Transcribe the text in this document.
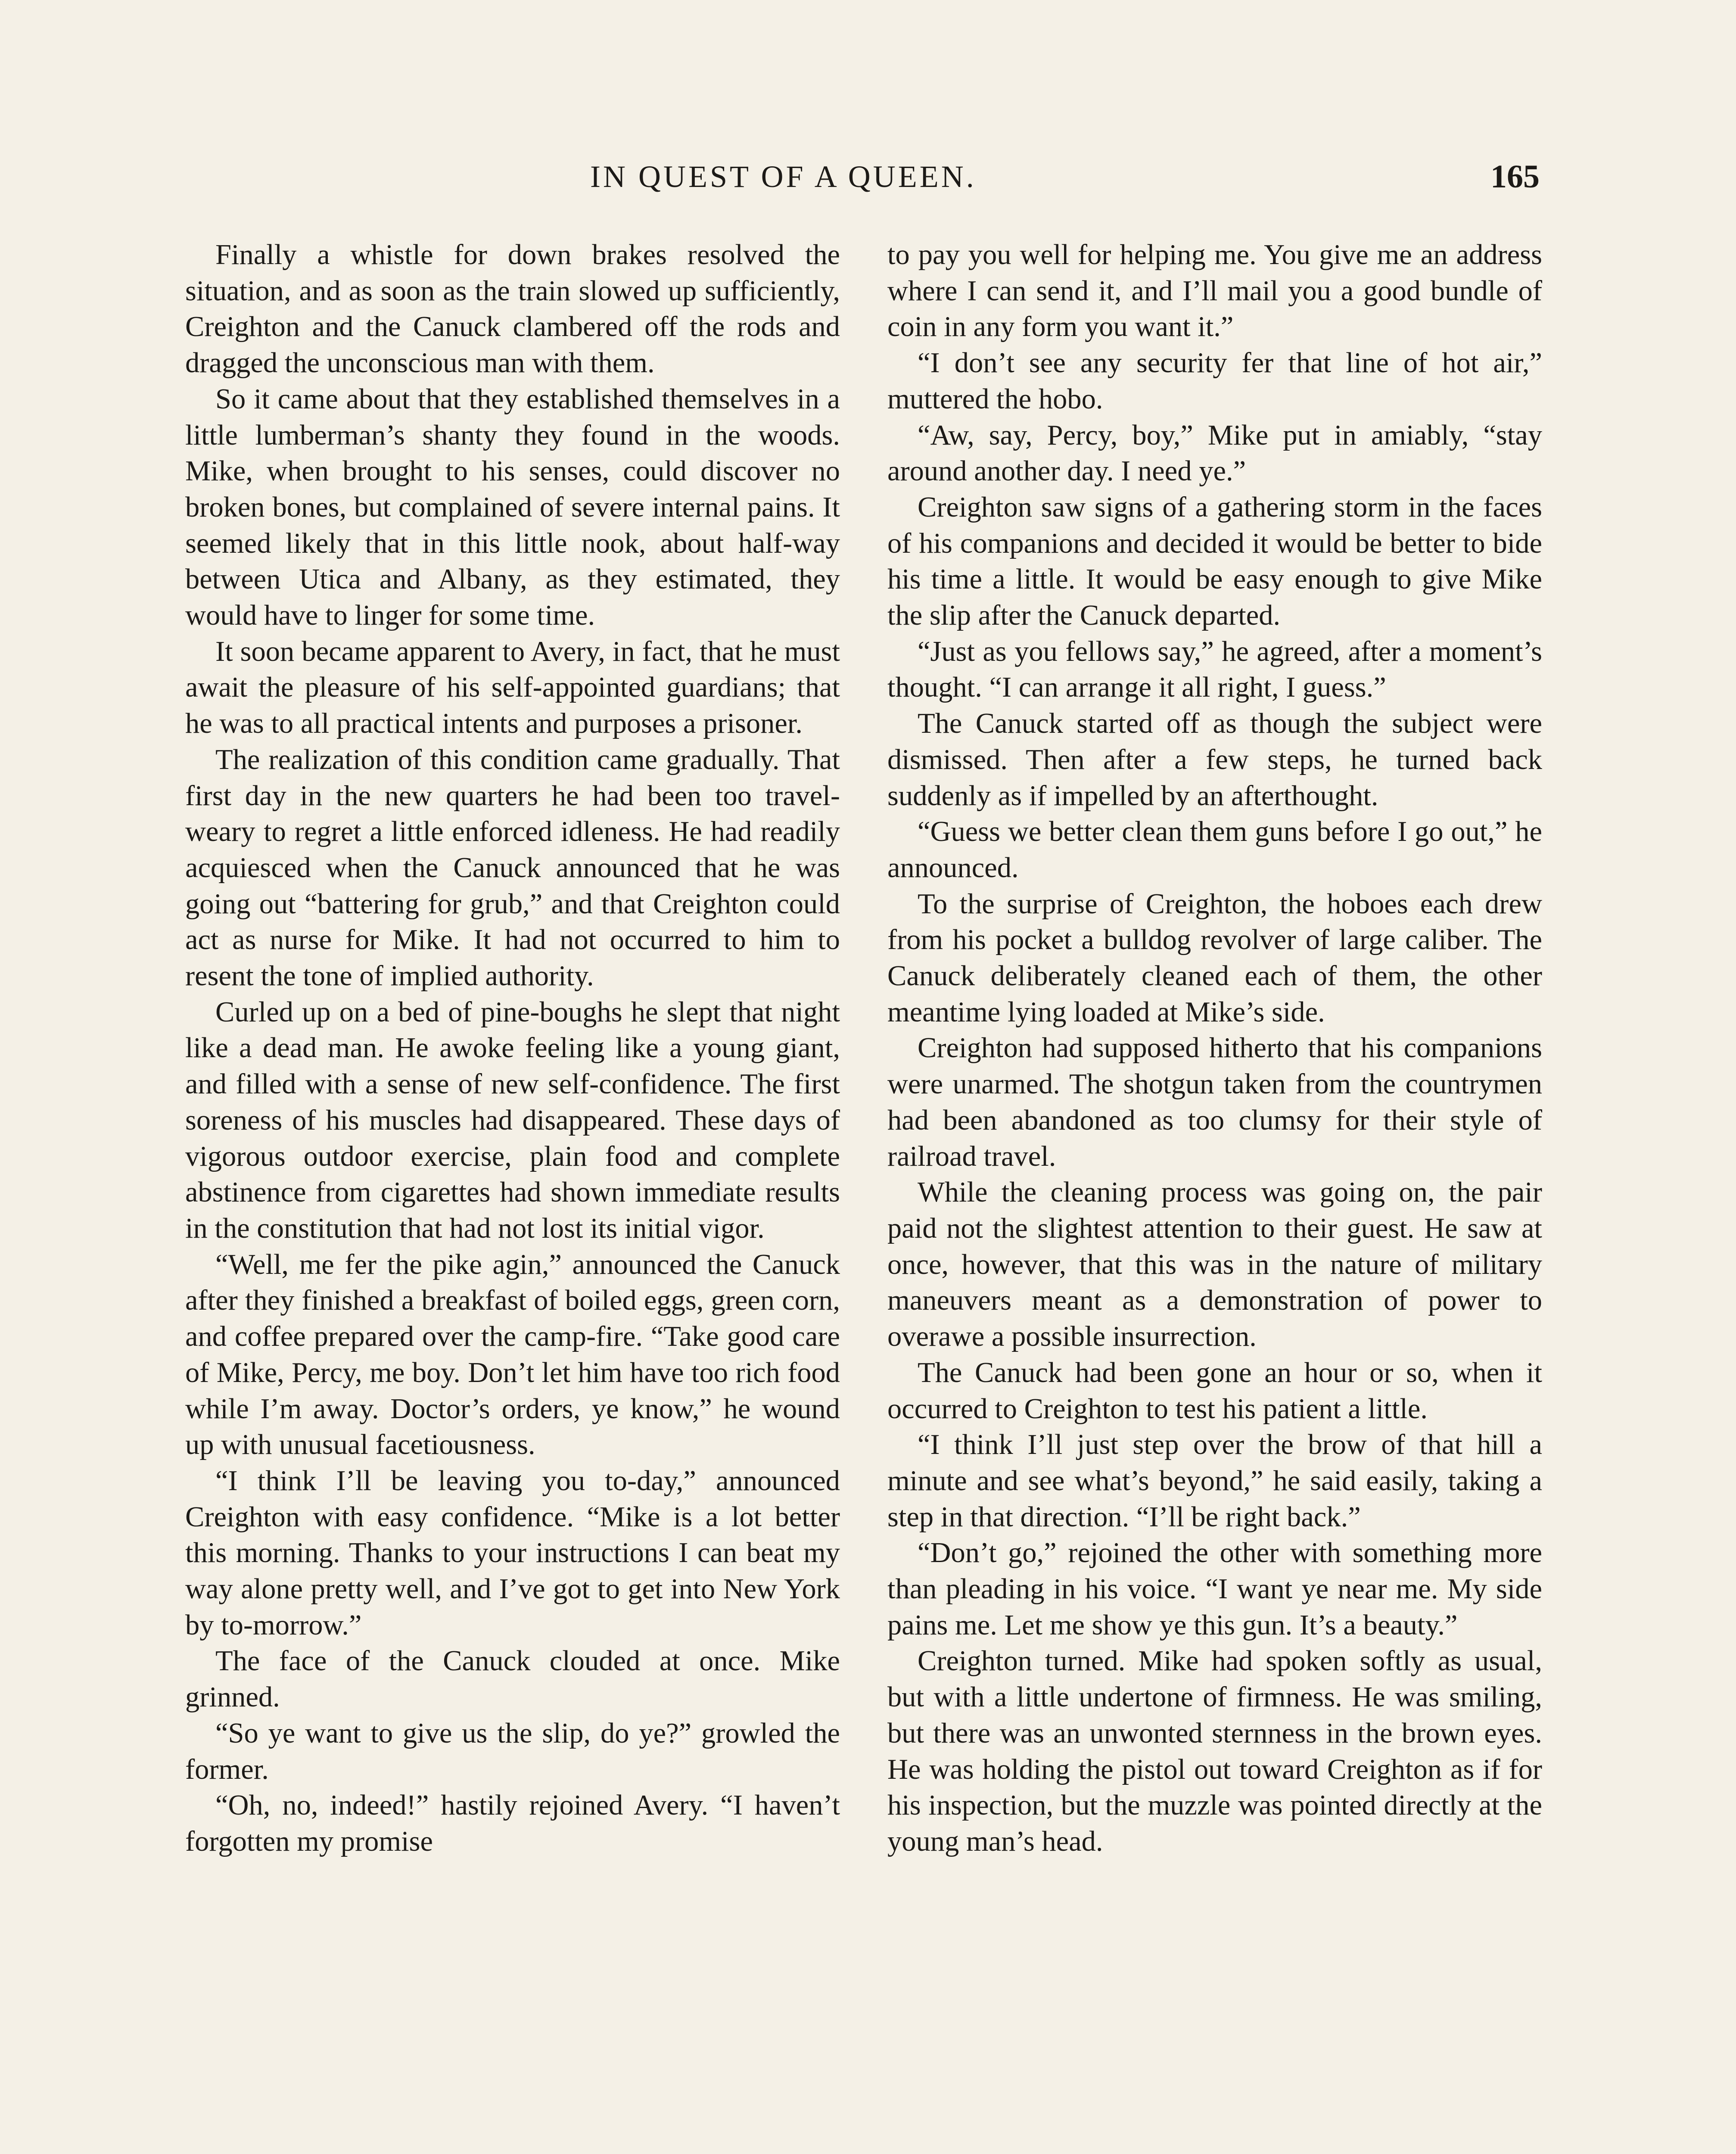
IN QUEST OF A QUEEN.	165

Finally a whistle for down brakes resolved the situation, and as soon as the train slowed up sufficiently, Creighton and the Canuck clambered off the rods and dragged the unconscious man with them.

So it came about that they established themselves in a little lumberman’s shanty they found in the woods. Mike, when brought to his senses, could discover no broken bones, but complained of severe internal pains. It seemed likely that in this little nook, about half-way between Utica and Albany, as they estimated, they would have to linger for some time.

It soon became apparent to Avery, in fact, that he must await the pleasure of his self-appointed guardians; that he was to all practical intents and purposes a prisoner.

The realization of this condition came gradually. That first day in the new quarters he had been too travel-weary to regret a little enforced idleness. He had readily acquiesced when the Canuck announced that he was going out “battering for grub,” and that Creighton could act as nurse for Mike. It had not occurred to him to resent the tone of implied authority.

Curled up on a bed of pine-boughs he slept that night like a dead man. He awoke feeling like a young giant, and filled with a sense of new self-confidence. The first soreness of his muscles had disappeared. These days of vigorous outdoor exercise, plain food and complete abstinence from cigarettes had shown immediate results in the constitution that had not lost its initial vigor.

“Well, me fer the pike agin,” announced the Canuck after they finished a breakfast of boiled eggs, green corn, and coffee prepared over the camp-fire. “Take good care of Mike, Percy, me boy. Don’t let him have too rich food while I’m away. Doctor’s orders, ye know,” he wound up with unusual facetiousness.

“I think I’ll be leaving you to-day,” announced Creighton with easy confidence. “Mike is a lot better this morning. Thanks to your instructions I can beat my way alone pretty well, and I’ve got to get into New York by to-morrow.”

The face of the Canuck clouded at once. Mike grinned.

“So ye want to give us the slip, do ye?” growled the former.

“Oh, no, indeed!” hastily rejoined Avery. “I haven’t forgotten my promise

to pay you well for helping me. You give me an address where I can send it, and I’ll mail you a good bundle of coin in any form you want it.”

“I don’t see any security fer that line of hot air,” muttered the hobo.

“Aw, say, Percy, boy,” Mike put in amiably, “stay around another day. I need ye.”

Creighton saw signs of a gathering storm in the faces of his companions and decided it would be better to bide his time a little. It would be easy enough to give Mike the slip after the Canuck departed.

“Just as you fellows say,” he agreed, after a moment’s thought. “I can arrange it all right, I guess.”

The Canuck started off as though the subject were dismissed. Then after a few steps, he turned back suddenly as if impelled by an afterthought.

“Guess we better clean them guns before I go out,” he announced.

To the surprise of Creighton, the hoboes each drew from his pocket a bulldog revolver of large caliber. The Canuck deliberately cleaned each of them, the other meantime lying loaded at Mike’s side.

Creighton had supposed hitherto that his companions were unarmed. The shotgun taken from the countrymen had been abandoned as too clumsy for their style of railroad travel.

While the cleaning process was going on, the pair paid not the slightest attention to their guest. He saw at once, however, that this was in the nature of military maneuvers meant as a demonstration of power to overawe a possible insurrection.

The Canuck had been gone an hour or so, when it occurred to Creighton to test his patient a little.

“I think I’ll just step over the brow of that hill a minute and see what’s beyond,” he said easily, taking a step in that direction. “I’ll be right back.”

“Don’t go,” rejoined the other with something more than pleading in his voice. “I want ye near me. My side pains me. Let me show ye this gun. It’s a beauty.”

Creighton turned. Mike had spoken softly as usual, but with a little undertone of firmness. He was smiling, but there was an unwonted sternness in the brown eyes. He was holding the pistol out toward Creighton as if for his inspection, but the muzzle was pointed directly at the young man’s head.
